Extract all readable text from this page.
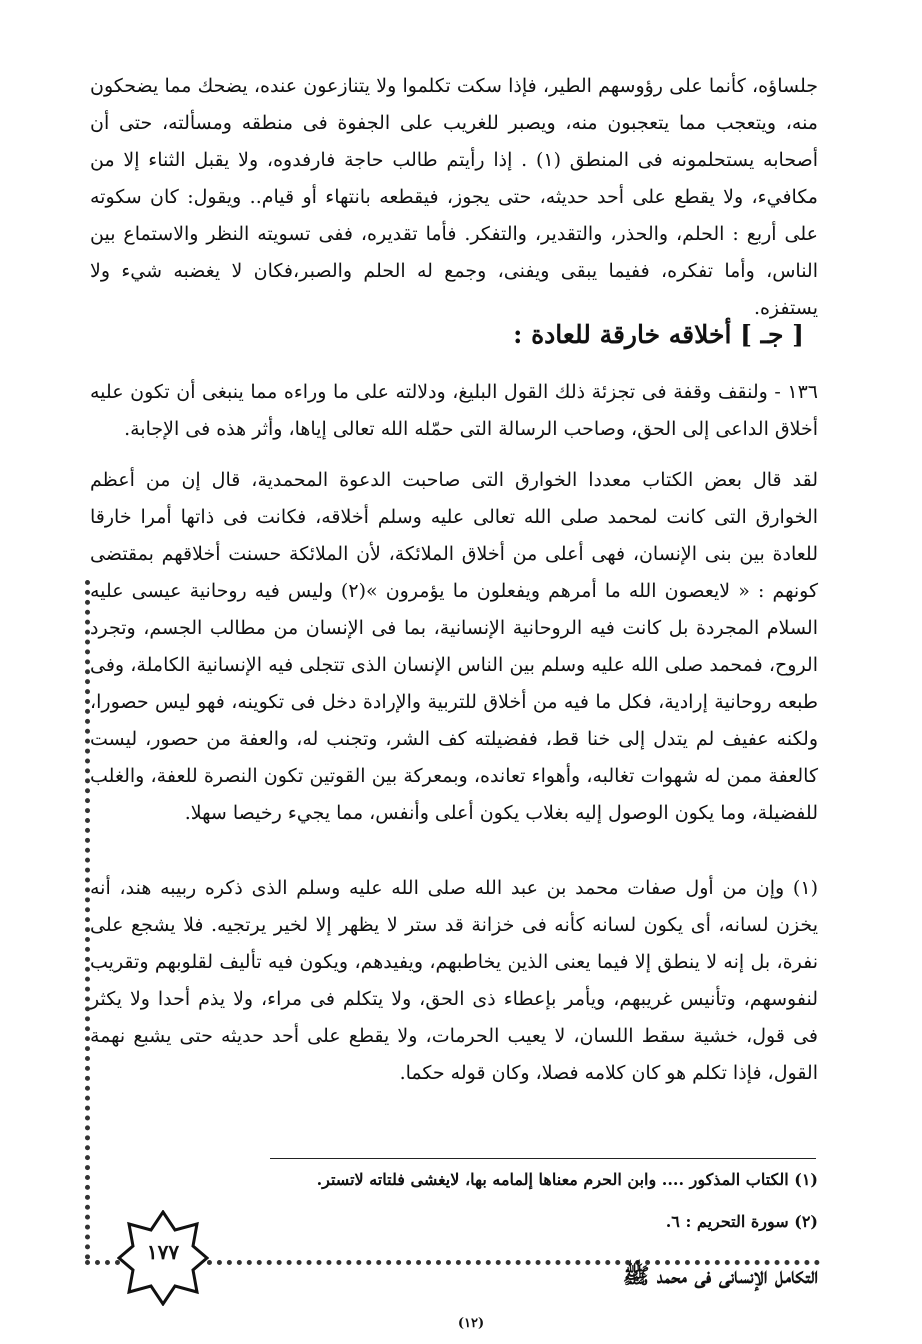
جلساؤه، كأنما على رؤوسهم الطير، فإذا سكت تكلموا ولا يتنازعون عنده، يضحك مما يضحكون منه، ويتعجب مما يتعجبون منه، ويصبر للغريب على الجفوة فى منطقه ومسألته، حتى أن أصحابه يستحلمونه فى المنطق (١) . إذا رأيتم طالب حاجة فارفدوه، ولا يقبل الثناء إلا من مكافيء، ولا يقطع على أحد حديثه، حتى يجوز، فيقطعه بانتهاء أو قيام.. ويقول: كان سكوته على أربع : الحلم، والحذر، والتقدير، والتفكر. فأما تقديره، ففى تسويته النظر والاستماع بين الناس، وأما تفكره، ففيما يبقى ويفنى، وجمع له الحلم والصبر،فكان لا يغضبه شيء ولا يستفزه.

[ جـ ] أخلاقه خارقة للعادة :

١٣٦ - ولنقف وقفة فى تجزئة ذلك القول البليغ، ودلالته على ما وراءه مما ينبغى أن تكون عليه أخلاق الداعى إلى الحق، وصاحب الرسالة التى حمّله الله تعالى إياها، وأثر هذه فى الإجابة.

لقد قال بعض الكتاب معددا الخوارق التى صاحبت الدعوة المحمدية، قال إن من أعظم الخوارق التى كانت لمحمد صلى الله تعالى عليه وسلم أخلاقه، فكانت فى ذاتها أمرا خارقا للعادة بين بنى الإنسان، فهى أعلى من أخلاق الملائكة، لأن الملائكة حسنت أخلاقهم بمقتضى كونهم : « لايعصون الله ما أمرهم ويفعلون ما يؤمرون »(٢) وليس فيه روحانية عيسى عليه السلام المجردة بل كانت فيه الروحانية الإنسانية، بما فى الإنسان من مطالب الجسم، وتجرد الروح، فمحمد صلى الله عليه وسلم بين الناس الإنسان الذى تتجلى فيه الإنسانية الكاملة، وفى طبعه روحانية إرادية، فكل ما فيه من أخلاق للتربية والإرادة دخل فى تكوينه، فهو ليس حصورا، ولكنه عفيف لم يتدل إلى خنا قط، ففضيلته كف الشر، وتجنب له، والعفة من حصور، ليست كالعفة ممن له شهوات تغالبه، وأهواء تعانده، وبمعركة بين القوتين تكون النصرة للعفة، والغلب للفضيلة، وما يكون الوصول إليه بغلاب يكون أعلى وأنفس، مما يجيء رخيصا سهلا.

(١) وإن من أول صفات محمد بن عبد الله صلى الله عليه وسلم الذى ذكره ربيبه هند، أنه يخزن لسانه، أى يكون لسانه كأنه فى خزانة قد ستر لا يظهر إلا لخير يرتجيه. فلا يشجع على نفرة، بل إنه لا ينطق إلا فيما يعنى الذين يخاطبهم، ويفيدهم، ويكون فيه تأليف لقلوبهم وتقريب لنفوسهم، وتأنيس غريبهم، ويأمر بإعطاء ذى الحق، ولا يتكلم فى مراء، ولا يذم أحدا ولا يكثر فى قول، خشية سقط اللسان، لا يعيب الحرمات، ولا يقطع على أحد حديثه حتى يشبع نهمة القول، فإذا تكلم هو كان كلامه فصلا، وكان قوله حكما.

(١) الكتاب المذكور .... وابن الحرم معناها إلمامه بها، لايغشى فلتاته لاتستر.
(٢) سورة التحريم : ٦.
١٧٧
التكامل الإنسانى فى محمد ﷺ
(١٢)
